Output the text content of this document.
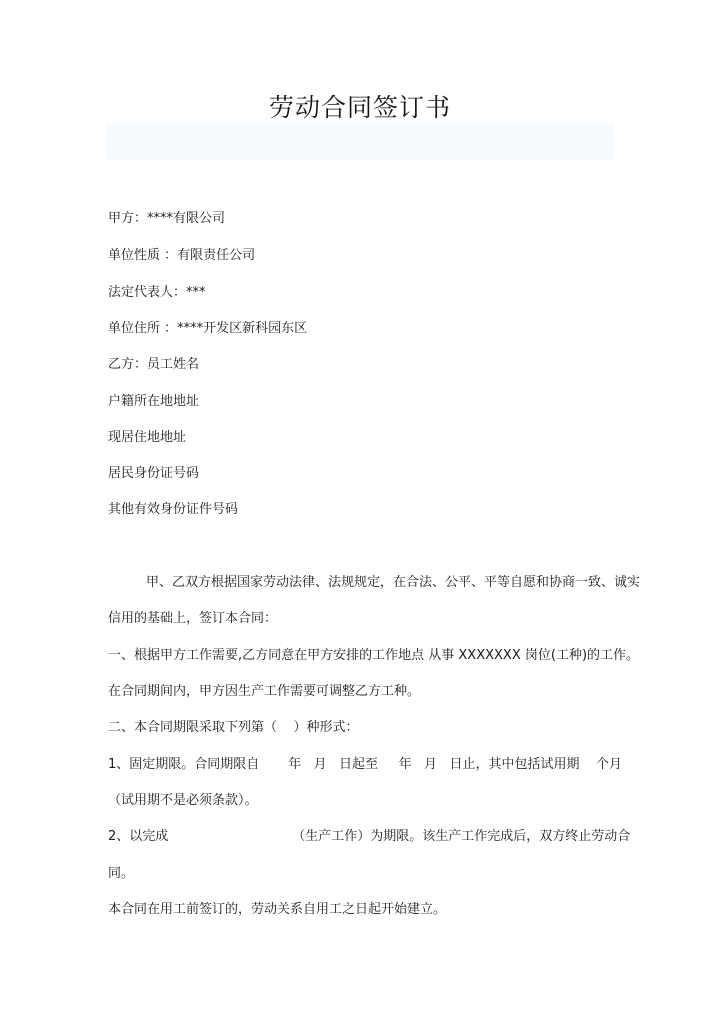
劳动合同签订书
甲方：****有限公司
单位性质 ：有限责任公司
法定代表人：***
单位住所 ：****开发区新科园东区
乙方：员工姓名
户籍所在地地址
现居住地地址
居民身份证号码
其他有效身份证件号码
甲、乙双方根据国家劳动法律、法规规定，在合法、公平、平等自愿和协商一致、诚实
信用的基础上，签订本合同：
一、根据甲方工作需要,乙方同意在甲方安排的工作地点 从事 XXXXXXX 岗位(工种)的工作。
在合同期间内，甲方因生产工作需要可调整乙方工种。
二、本合同期限采取下列第（    ）种形式：
1、固定期限。合同期限自       年   月   日起至     年   月   日止，其中包括试用期    个月
（试用期不是必须条款）。
2、以完成                              （生产工作）为期限。该生产工作完成后，双方终止劳动合
同。
本合同在用工前签订的，劳动关系自用工之日起开始建立。
